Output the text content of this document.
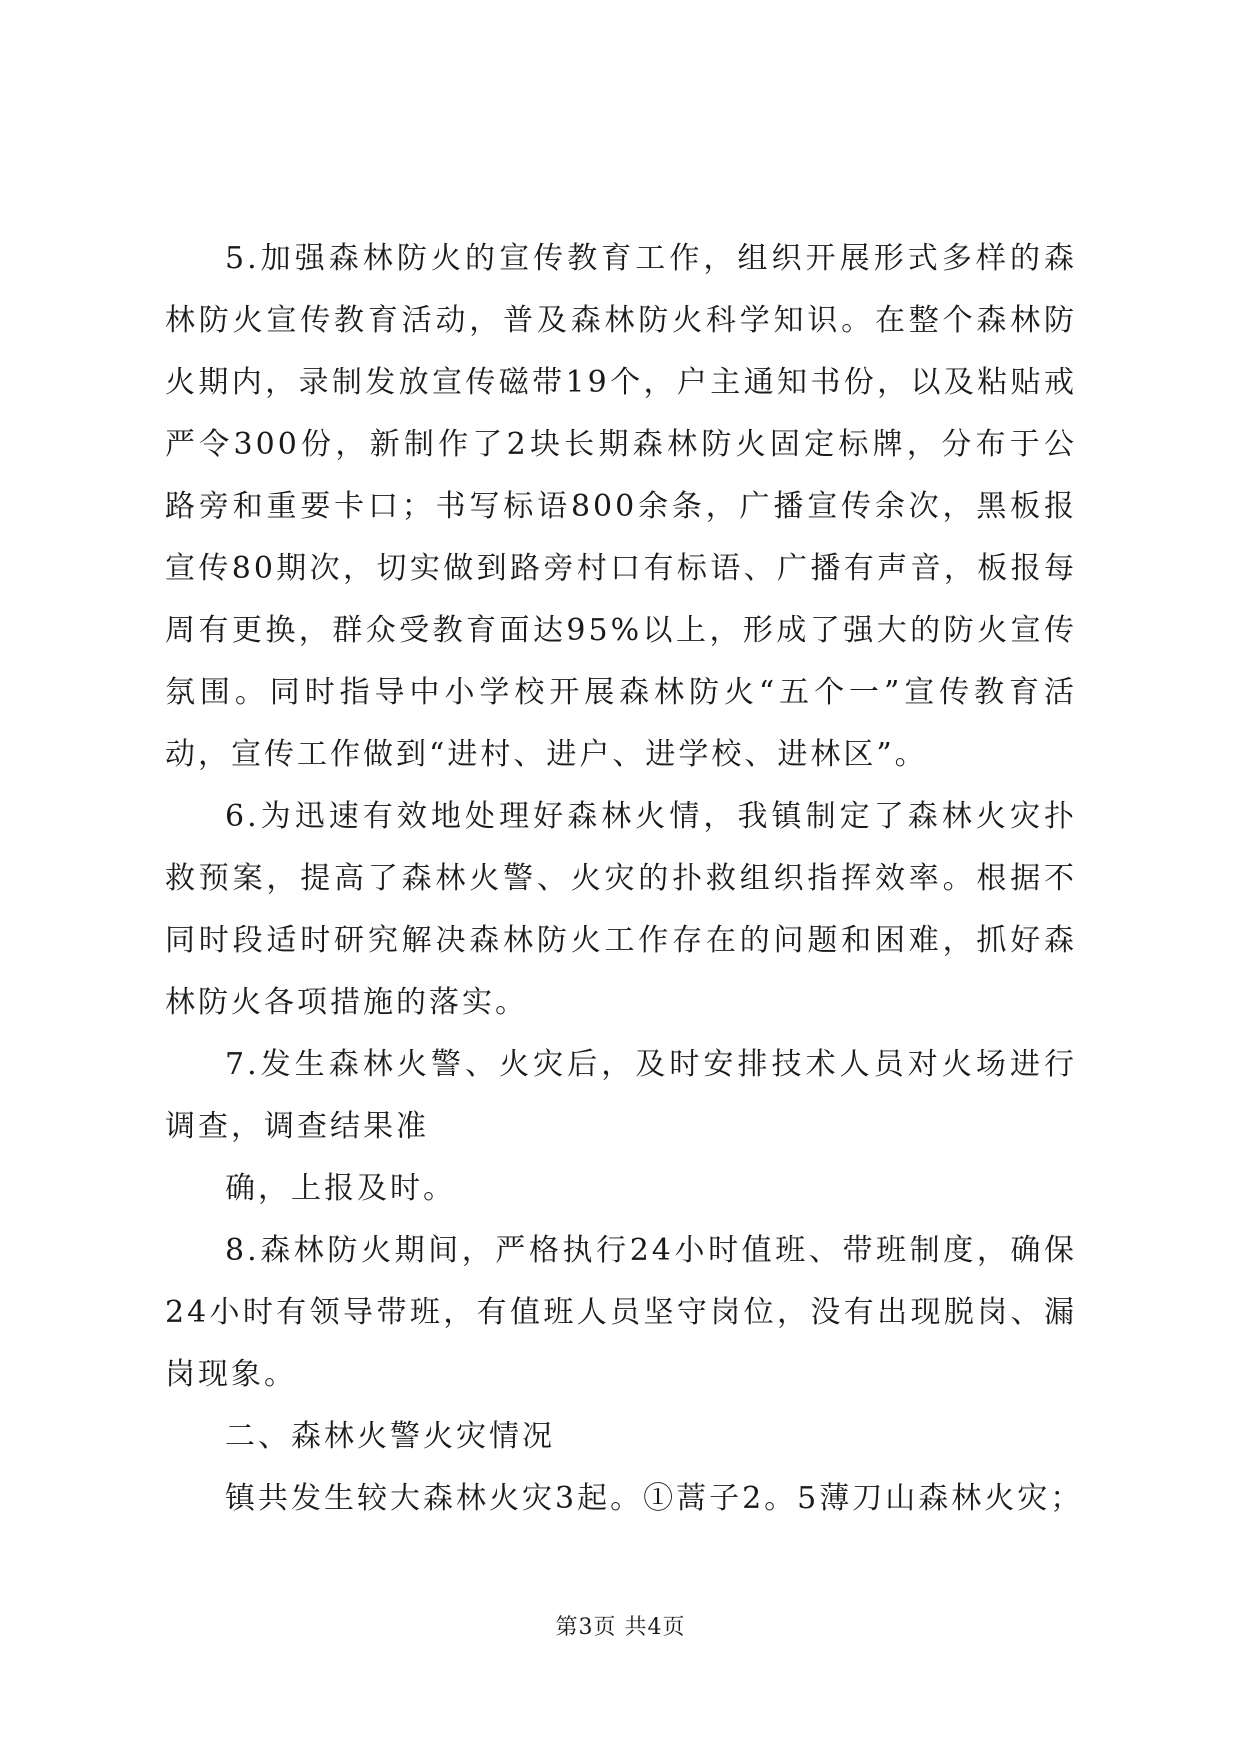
5.加强森林防火的宣传教育工作，组织开展形式多样的森林防火宣传教育活动，普及森林防火科学知识。在整个森林防火期内，录制发放宣传磁带19个，户主通知书份，以及粘贴戒严令300份，新制作了2块长期森林防火固定标牌，分布于公路旁和重要卡口；书写标语800余条，广播宣传余次，黑板报宣传80期次，切实做到路旁村口有标语、广播有声音，板报每周有更换，群众受教育面达95%以上，形成了强大的防火宣传氛围。同时指导中小学校开展森林防火“五个一”宣传教育活动，宣传工作做到“进村、进户、进学校、进林区”。

6.为迅速有效地处理好森林火情，我镇制定了森林火灾扑救预案，提高了森林火警、火灾的扑救组织指挥效率。根据不同时段适时研究解决森林防火工作存在的问题和困难，抓好森林防火各项措施的落实。

7.发生森林火警、火灾后，及时安排技术人员对火场进行调查，调查结果准

确，上报及时。

8.森林防火期间，严格执行24小时值班、带班制度，确保24小时有领导带班，有值班人员坚守岗位，没有出现脱岗、漏岗现象。

二、森林火警火灾情况

镇共发生较大森林火灾3起。①蒿子2。5薄刀山森林火灾；

第3页 共4页
